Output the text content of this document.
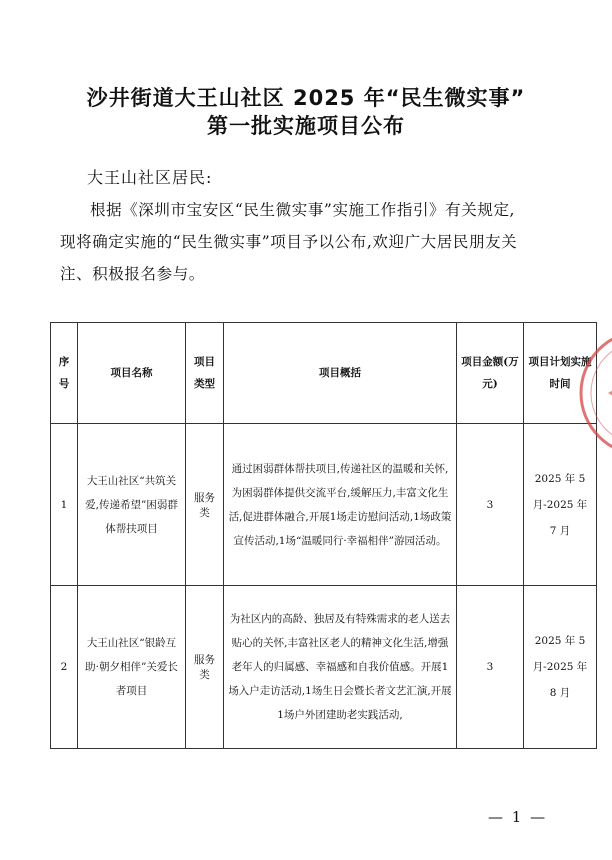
沙井街道大王山社区 2025 年“民生微实事”
第一批实施项目公布
大王山社区居民:
根据《深圳市宝安区“民生微实事”实施工作指引》有关规定,现将确定实施的“民生微实事”项目予以公布,欢迎广大居民朋友关注、积极报名参与。
序号	项目名称	项目类型	项目概括	项目金额(万元)	项目计划实施时间
1	大王山社区“共筑关爱,传递希望”困弱群体帮扶项目	服务类	通过困弱群体帮扶项目,传递社区的温暖和关怀,为困弱群体提供交流平台,缓解压力,丰富文化生活,促进群体融合,开展1场走访慰问活动,1场政策宣传活动,1场“温暖同行·幸福相伴”游园活动。	3	2025 年 5 月-2025 年 7 月
2	大王山社区“银龄互助·朝夕相伴”关爱长者项目	服务类	为社区内的高龄、独居及有特殊需求的老人送去贴心的关怀,丰富社区老人的精神文化生活,增强老年人的归属感、幸福感和自我价值感。开展1场入户走访活动,1场生日会暨长者文艺汇演,开展1场户外团建助老实践活动,	3	2025 年 5 月-2025 年 8 月
— 1 —
